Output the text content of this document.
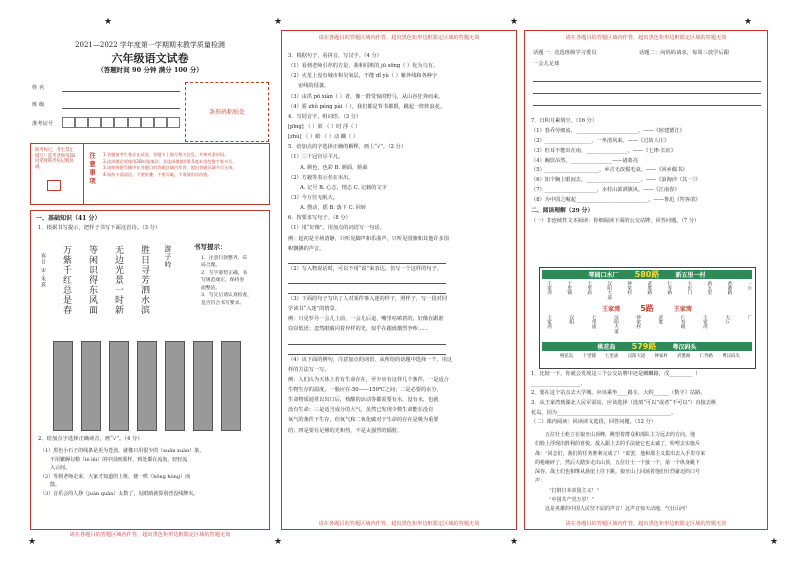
★	★	★	★
★	★	★	★
2021—2022 学年度第一学期期末教学质量检测
六年级语文试卷
（答题时间 90 分钟 满分 100 分）
姓 名
班 级
准考证号
条形码粘贴处
缺考标记，考生禁止填写！监考老师用2B铅笔将缺考标记框涂满。	注意事项 1.答题前考生务必在试卷、答题卡上填写相关信息，并核对条形码。
2.选择题必须使用2B铅笔填涂；非选择题使用0.5毫米黑色签字笔书写。
3.请按照题号顺序在各题目的答题区域内作答，超出答题区域书写无效。
4.保持卡面清洁，不要折叠、不要弄破，不准使用涂改液。
一、基础知识（41 分）
1．根据书写提示，把样子书写下面这首诗。（3 分）
春日 宋·朱熹 万紫千红总是春 等闲识得东风面 无边光景一时新 胜日寻芳泗水滨 游子吟	书写提示：
1．注意行款整齐，布
局合理。
2．写字姿势正确，书
写规范端正，保持卷
面整洁。
3．写完后请认真检查，
是否符合书写要求。
2．给加点字选择正确读音，画“√”。（4 分）
（1）黑色小石子的线条是更为苍劲，就像只用很少的（xuān xuàn）染，
不用繁缛勾勒（lè lēi）的中国画那样，到处都在流泡，轻轻流
入云间。
（2）等到老师走来，大家才知道的上班，便一哄（hōng hòng）而
散。
（3）音乐会的人挣（juàn quān）太数了，见眼睛就算别营没线牌夹。
请在各题目的答题区域内作答，超出黑色矩形边框限定区域的答题无效
请在各题目的答题区域内作答，超出黑色矩形边框限定区域的答题无效
3．根据句子，看拼音，写汉字。（4 分）
（1）看到老师引荐的方是，我和同班的 jū sōng（ ）化为乌有。
（2）火星上没有城市和吴氧层，不能 dǐ yù（ ）紫外线和各种宇
宙线的侵袭。
（3）由洪 pō xiàn（ ）者，像一群受惊的野马，从山谷狂奔而来。
（4）骄 zhǔ péng pài（ ），我们都是背书都摄，跳起一阵阵浪花。
4．写同音字，组词语。（3 分）
[pīng] （ ）果 （ ）时 浮（ ）
[zhù] （ ）蛤 （ ）动 蝴（ ）
5．给加点的字选择正确的解释，画上“√”。（2 分）
（1）三千冠宫尽平凡。
A. 颜色，色彩 B. 颜面，脸面
（2）方毅等表示名在未出。
A. 记号 B. 心志，情志 C. 记载的文字
（3）今万径无眠大。
A. 摆动，摇 B. 落下 C. 回转
6．按要求写句子。（8 分）
（1）用“好像”，用加点的词语写一句话。
例：起初是全场清静，只听见脚声和乐曲声，只听见国旗和其他许多国
帜飘拂的声音。
（2）写入物说话时，可以不用“说”来表达，仿写一个这样的句子。
（3）下面的句子写出了人对某件事入迷的样子，照样子，写一段对同
学读书“入迷”的情景。
例：只见罗丹一会儿上前，一会儿后退，嘴里咕哝着的，好像在跟谁
窃窃低语；忽然眼睛闪着异样的光，似乎在跟谁激烈争吵……
（4）该下面的例句，注意加点的词语，从所给的话题中选择一个，用这
样的方法写一写。
例：人们认为天体上若有生命存在，至少应有这样几个条件，一是适合
生物生存的温度，一般应在-50——150℃之间；二是必要的水分，
生命物质通常以出口后，核酸的活动等都需要有水，没有水，也就
没有生命；三是适当成分的大气，虽然已发现少数生命能在没有
氧气的条件下生存，但氧气和二氧化碳对于生命的存在是极为重要
的；四是要有足够的光和热，不是太强烈的辐射。
请在各题目的答题区域内作答，超出黑色矩形边框限定区域的答题无效
请在各题目的答题区域内作答，超出黑色矩形边框限定区域的答题无效
话题一：竞选班级学习委员	话题二：向妈妈请求，每周三放学后跟
一会儿足球
7．日积月累填空。（16 分）
（1）春乔劳细流，________________________。——《宿建德江》
（2）__________________，一坐清风来。——《过故人庄》
（3）但耳不能出在南，________________。——《七律·长征》
（4）胸饮吊然，________________——诸葛亮
（5）_____________________，乡音无改鬓毛衰。——《回乡偶书》
（6）知个胸上眼间去，_____________________。——《浪淘沙（其一）》
（7）____________________，水村山郭酒旗风。——《江南春》
（8）为中国之崛起____________________________。——鲁迅《答客诮》
二、阅读理解（29 分）
（一）非连续性文本阅读：你细阅读下面的公交站牌，回答问题。（7 分）
琴园口水厂 580路	新五里一村
王家湾	十里铺	七里庙	汉阳大道	钟家村	武胜路	仁寿路	大东门	新五里	香港路	一小
王家湾	5路	王家湾
王家湾	汉阳	七里庙	汉阳大道	钟家村	武胜	仁寿路	王家湾	大厅	厂
桃花岛 579路	粤汉码头
桃花岛 十里铺 七里庙 汉阳大道 钟家村 武胜路 仁寿路 粤汉码头
1．比较一下，你就会发现这三个公交站牌中还是麒麟路，戊_________（
___________________。
2．要在这个站点去大学城，应该乘坐____路车，大约______（数字）站路。
3．从王家湾到湖北人民军需站，应该选择（选填“可以”或者“不可以”）直接去桃
花岛，因为____________________________________________。
（二）课内阅读：回读读文选段，回答问题。（12 分）
五位壮士屹立在狼牙山顶峰，眺望着群众和部队主力远去的方向。他
们脸上浮现出胜利的喜悦。敌入跟上去的手法使它也太诚了，吩咐去实施斥
战：“同志们，我们的任务胜利完成了！”说罢，他和那主义拔出去入手里夺来
的枪砸碎了，然后大踏步走出山顶，五位壮士一个接一个，第一个纵身跳下
深谷。战士们也相继从悬崖上往下跳。狼牙山上回荡着他们壮烈豪迈的口号
声：
“打倒日本帝国主义！”
“中国共产党万岁！”
这是英雄的中国人民坚不屈的声音！这声音惊天动地，气壮山河！
请在各题目的答题区域内作答，超出黑色矩形边框限定区域的答题无效
